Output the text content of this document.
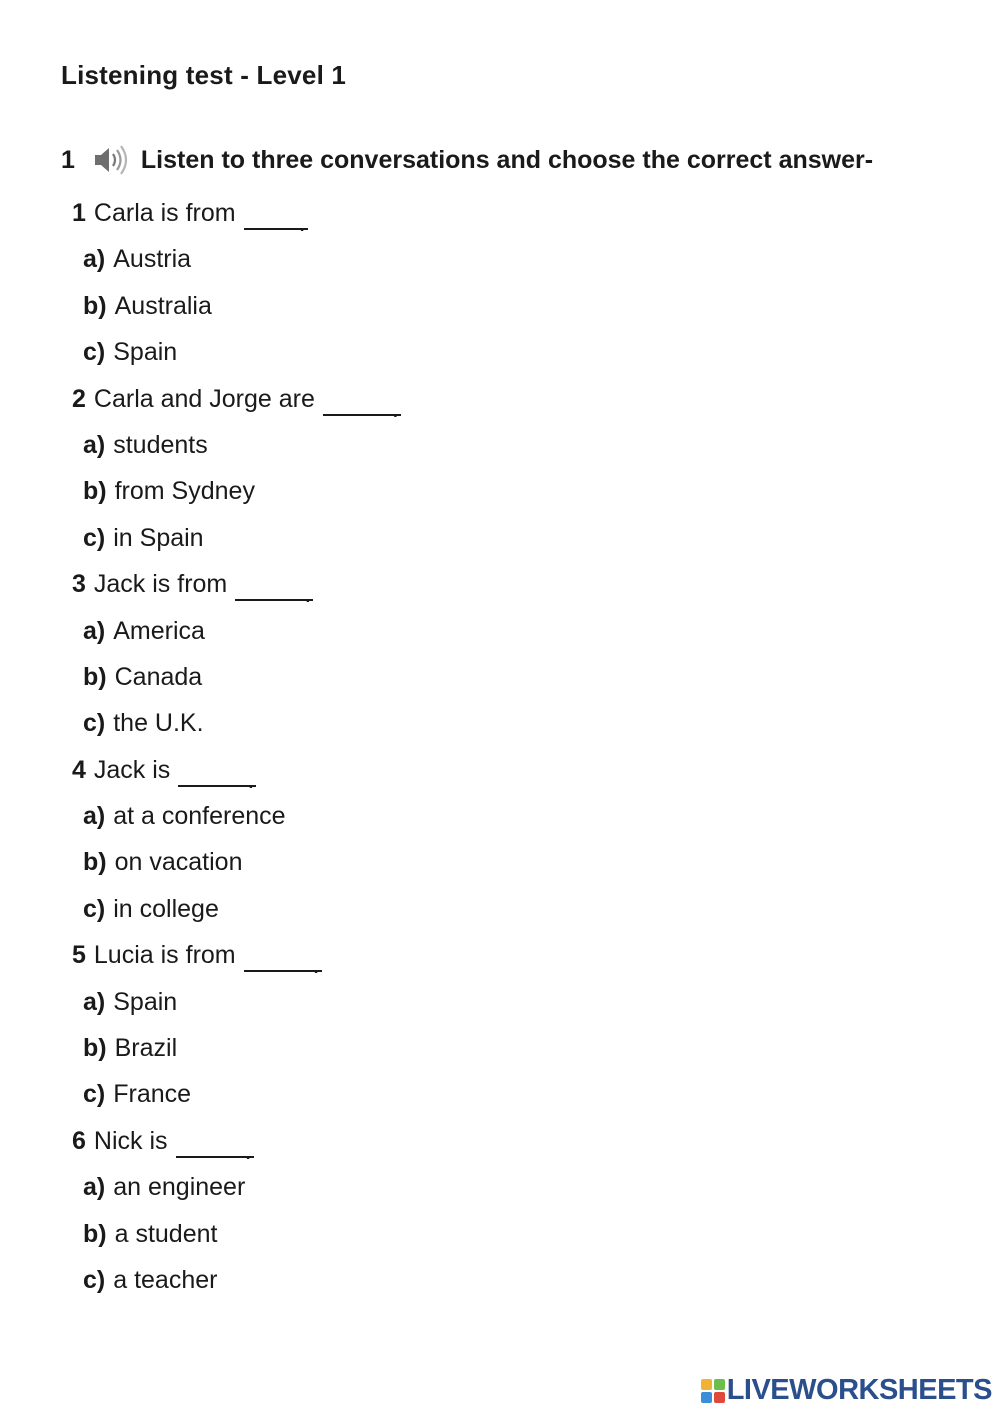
Listening test - Level 1
1	Listen to three conversations and choose the correct answer-
1 Carla is from	.
a) Austria
b) Australia
c) Spain
2 Carla and Jorge are	.
a) students
b) from Sydney
c) in Spain
3 Jack is from	.
a) America
b) Canada
c) the U.K.
4 Jack is	.
a) at a conference
b) on vacation
c) in college
5 Lucia is from	.
a) Spain
b) Brazil
c) France
6 Nick is	.
a) an engineer
b) a student
c) a teacher
LIVEWORKSHEETS
